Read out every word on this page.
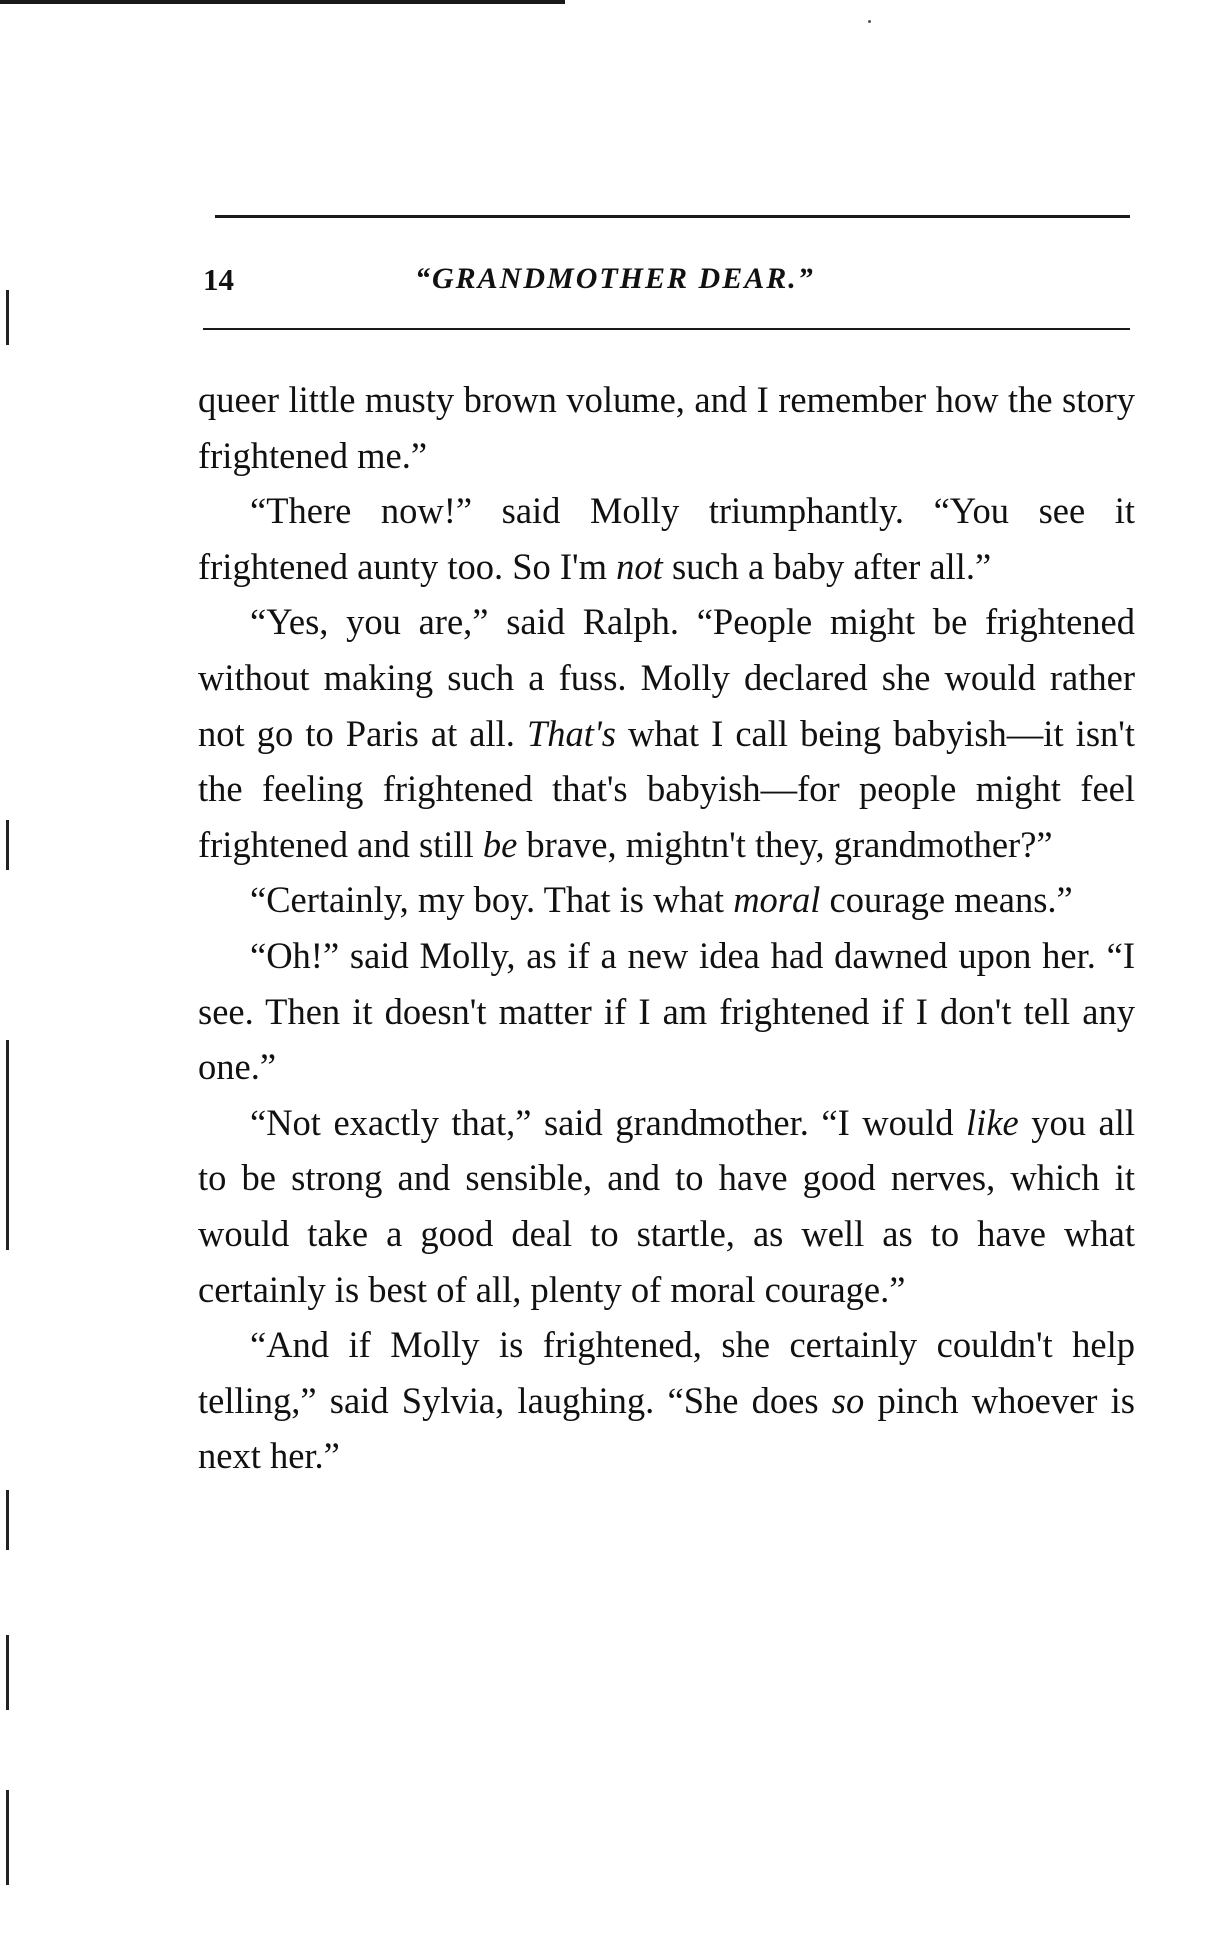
14	“GRANDMOTHER DEAR.”

queer little musty brown volume, and I remember how the story frightened me.”

“There now!” said Molly triumphantly. “You see it frightened aunty too. So I'm not such a baby after all.”

“Yes, you are,” said Ralph. “People might be frightened without making such a fuss. Molly declared she would rather not go to Paris at all. That's what I call being babyish—it isn't the feeling frightened that's babyish—for people might feel frightened and still be brave, mightn't they, grandmother?”

“Certainly, my boy. That is what moral courage means.”

“Oh!” said Molly, as if a new idea had dawned upon her. “I see. Then it doesn't matter if I am frightened if I don't tell any one.”

“Not exactly that,” said grandmother. “I would like you all to be strong and sensible, and to have good nerves, which it would take a good deal to startle, as well as to have what certainly is best of all, plenty of moral courage.”

“And if Molly is frightened, she certainly couldn't help telling,” said Sylvia, laughing. “She does so pinch whoever is next her.”
